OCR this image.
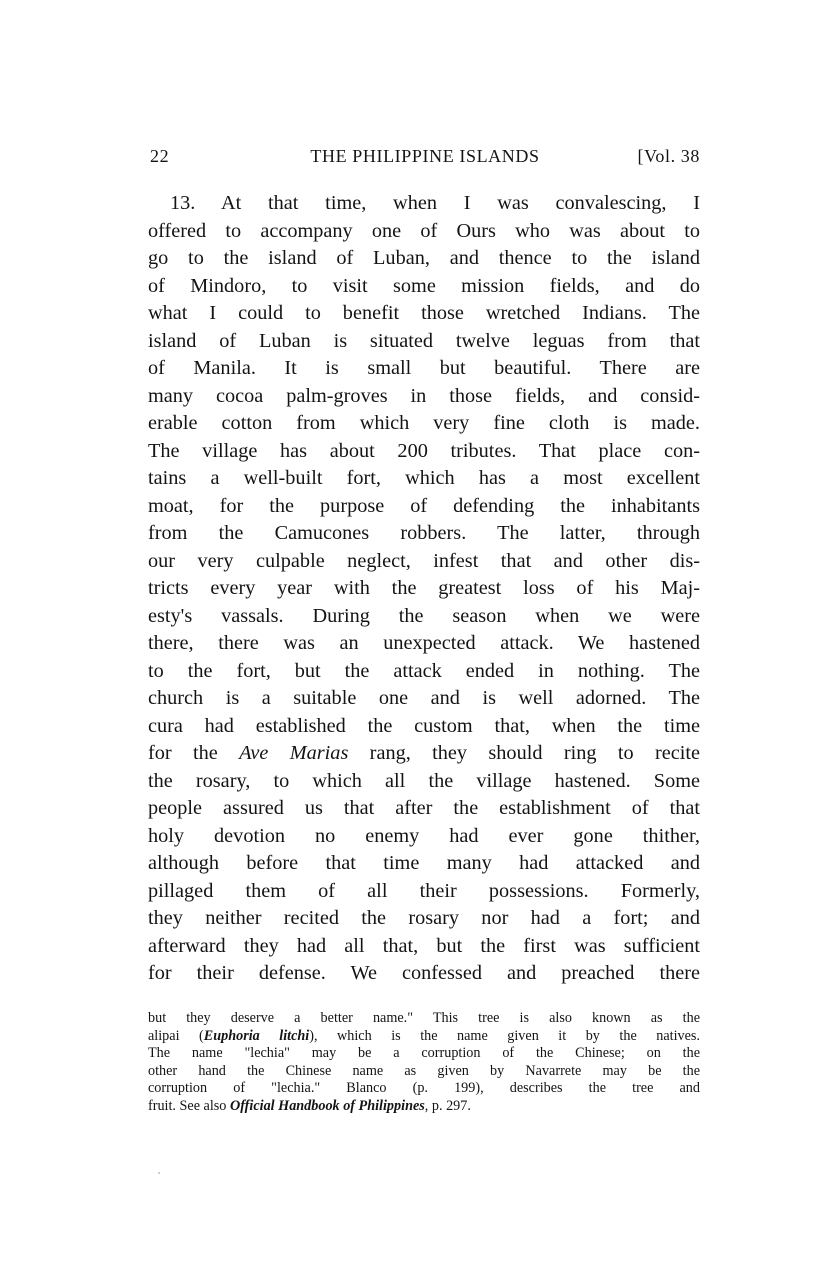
22	THE PHILIPPINE ISLANDS	[Vol. 38
13. At that time, when I was convalescing, I
offered to accompany one of Ours who was about to
go to the island of Luban, and thence to the island
of Mindoro, to visit some mission fields, and do
what I could to benefit those wretched Indians. The
island of Luban is situated twelve leguas from that
of Manila. It is small but beautiful. There are
many cocoa palm-groves in those fields, and consid-
erable cotton from which very fine cloth is made.
The village has about 200 tributes. That place con-
tains a well-built fort, which has a most excellent
moat, for the purpose of defending the inhabitants
from the Camucones robbers. The latter, through
our very culpable neglect, infest that and other dis-
tricts every year with the greatest loss of his Maj-
esty's vassals. During the season when we were
there, there was an unexpected attack. We hastened
to the fort, but the attack ended in nothing. The
church is a suitable one and is well adorned. The
cura had established the custom that, when the time
for the Ave Marias rang, they should ring to recite
the rosary, to which all the village hastened. Some
people assured us that after the establishment of that
holy devotion no enemy had ever gone thither,
although before that time many had attacked and
pillaged them of all their possessions. Formerly,
they neither recited the rosary nor had a fort; and
afterward they had all that, but the first was sufficient
for their defense. We confessed and preached there
but they deserve a better name." This tree is also known as the
alipai (Euphoria litchi), which is the name given it by the natives.
The name "lechia" may be a corruption of the Chinese; on the
other hand the Chinese name as given by Navarrete may be the
corruption of "lechia." Blanco (p. 199), describes the tree and
fruit. See also Official Handbook of Philippines, p. 297.
